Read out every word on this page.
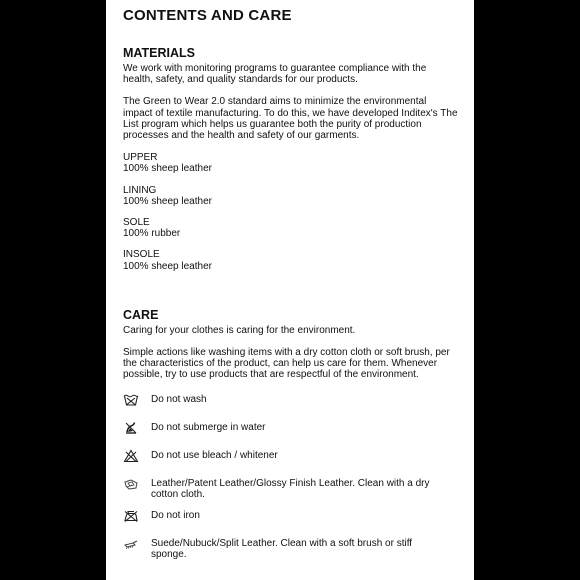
CONTENTS AND CARE
MATERIALS

We work with monitoring programs to guarantee compliance with the health, safety, and quality standards for our products.

The Green to Wear 2.0 standard aims to minimize the environmental impact of textile manufacturing. To do this, we have developed Inditex's The List program which helps us guarantee both the purity of production processes and the health and safety of our garments.

UPPER

100% sheep leather

LINING

100% sheep leather

SOLE

100% rubber

INSOLE

100% sheep leather

CARE

Caring for your clothes is caring for the environment.

Simple actions like washing items with a dry cotton cloth or soft brush, per the characteristics of the product, can help us care for them. Whenever possible, try to use products that are respectful of the environment.

Do not wash

Do not submerge in water

Do not use bleach / whitener

Leather/Patent Leather/Glossy Finish Leather. Clean with a dry cotton cloth.

Do not iron

Suede/Nubuck/Split Leather. Clean with a soft brush or stiff sponge.
